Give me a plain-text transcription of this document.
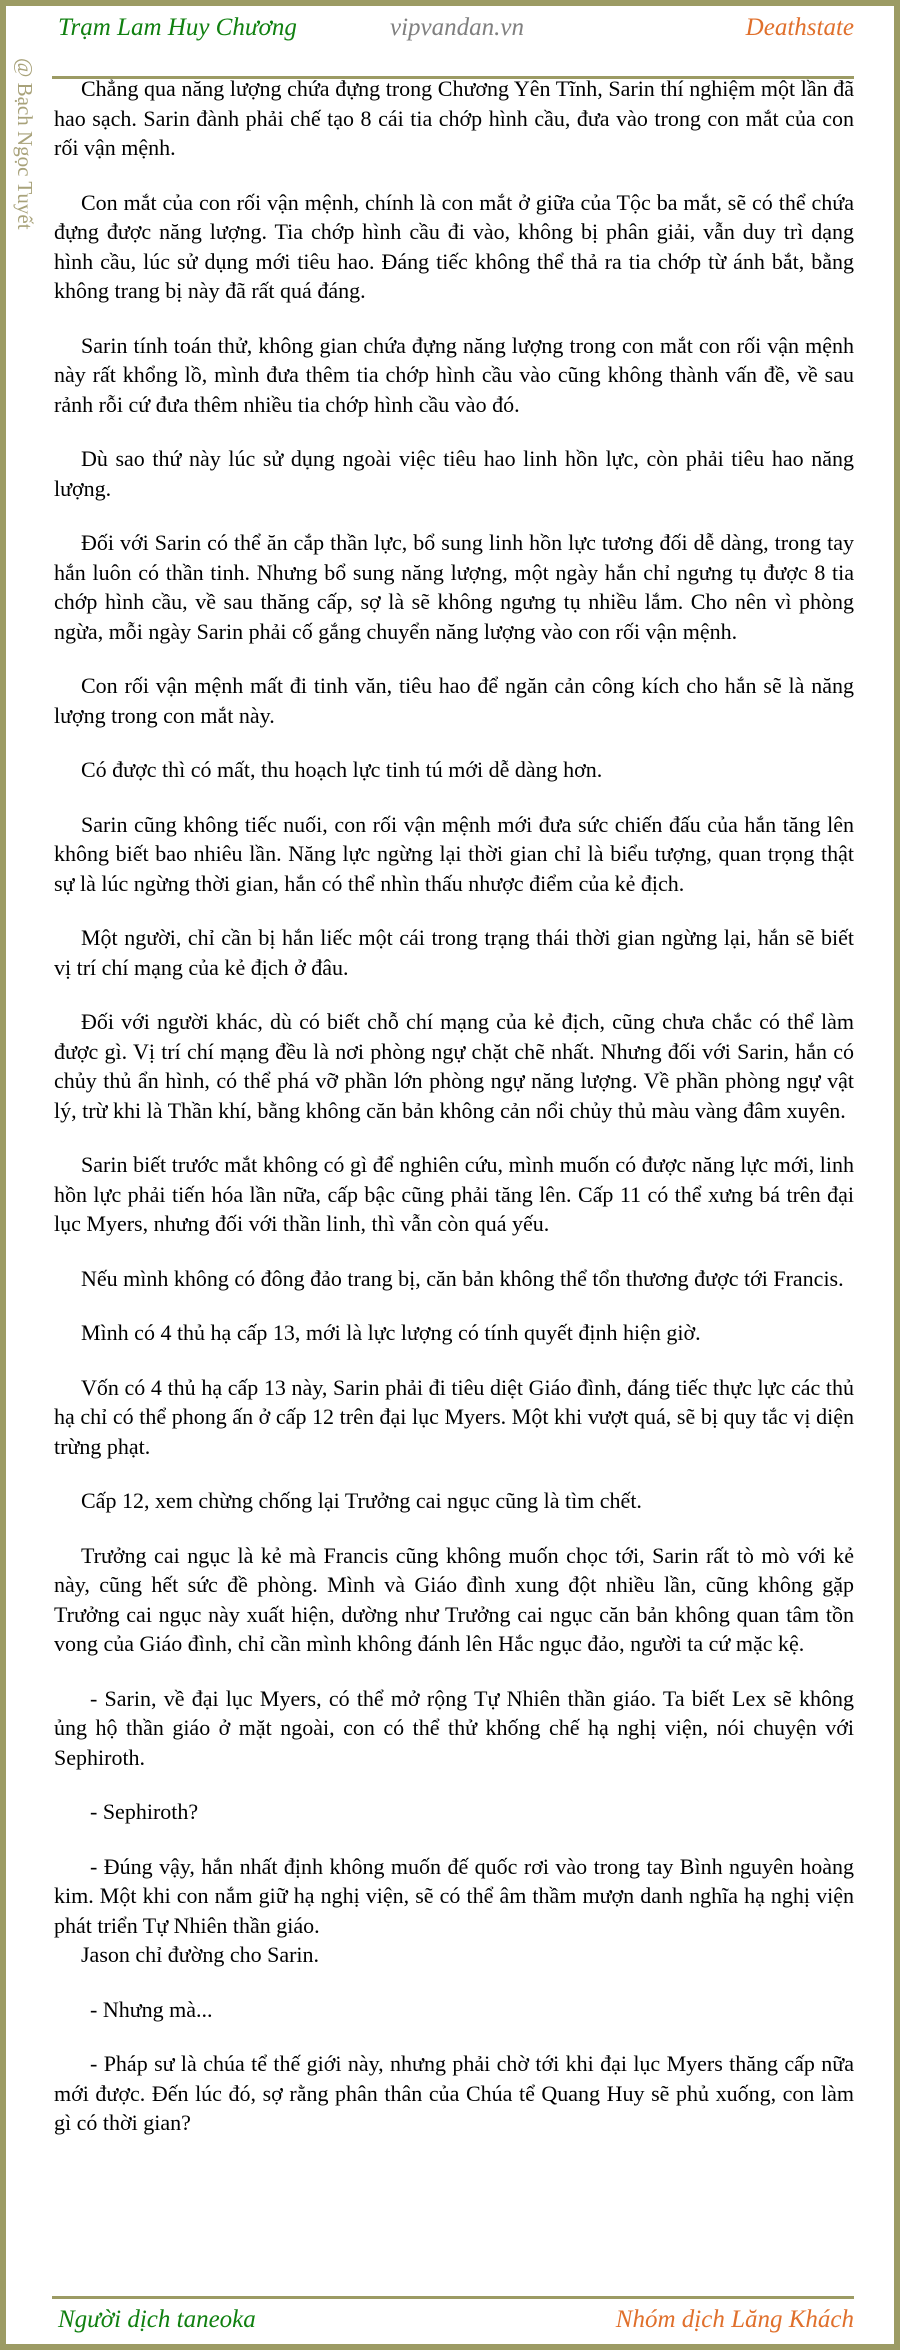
Trạm Lam Huy Chương	vipvandan.vn	Deathstate
@ Bạch Ngọc Tuyết	Chẳng qua năng lượng chứa đựng trong Chương Yên Tĩnh, Sarin thí nghiệm một lần đã hao sạch. Sarin đành phải chế tạo 8 cái tia chớp hình cầu, đưa vào trong con mắt của con rối vận mệnh.

Con mắt của con rối vận mệnh, chính là con mắt ở giữa của Tộc ba mắt, sẽ có thể chứa đựng được năng lượng. Tia chớp hình cầu đi vào, không bị phân giải, vẫn duy trì dạng hình cầu, lúc sử dụng mới tiêu hao. Đáng tiếc không thể thả ra tia chớp từ ánh bắt, bằng không trang bị này đã rất quá đáng.

Sarin tính toán thử, không gian chứa đựng năng lượng trong con mắt con rối vận mệnh này rất khổng lồ, mình đưa thêm tia chớp hình cầu vào cũng không thành vấn đề, về sau rảnh rỗi cứ đưa thêm nhiều tia chớp hình cầu vào đó.

Dù sao thứ này lúc sử dụng ngoài việc tiêu hao linh hồn lực, còn phải tiêu hao năng lượng.

Đối với Sarin có thể ăn cắp thần lực, bổ sung linh hồn lực tương đối dễ dàng, trong tay hắn luôn có thần tinh. Nhưng bổ sung năng lượng, một ngày hắn chỉ ngưng tụ được 8 tia chớp hình cầu, về sau thăng cấp, sợ là sẽ không ngưng tụ nhiều lắm. Cho nên vì phòng ngừa, mỗi ngày Sarin phải cố gắng chuyển năng lượng vào con rối vận mệnh.

Con rối vận mệnh mất đi tinh văn, tiêu hao để ngăn cản công kích cho hắn sẽ là năng lượng trong con mắt này.

Có được thì có mất, thu hoạch lực tinh tú mới dễ dàng hơn.

Sarin cũng không tiếc nuối, con rối vận mệnh mới đưa sức chiến đấu của hắn tăng lên không biết bao nhiêu lần. Năng lực ngừng lại thời gian chỉ là biểu tượng, quan trọng thật sự là lúc ngừng thời gian, hắn có thể nhìn thấu nhược điểm của kẻ địch.

Một người, chỉ cần bị hắn liếc một cái trong trạng thái thời gian ngừng lại, hắn sẽ biết vị trí chí mạng của kẻ địch ở đâu.

Đối với người khác, dù có biết chỗ chí mạng của kẻ địch, cũng chưa chắc có thể làm được gì. Vị trí chí mạng đều là nơi phòng ngự chặt chẽ nhất. Nhưng đối với Sarin, hắn có chủy thủ ẩn hình, có thể phá vỡ phần lớn phòng ngự năng lượng. Về phần phòng ngự vật lý, trừ khi là Thần khí, bằng không căn bản không cản nổi chủy thủ màu vàng đâm xuyên.

Sarin biết trước mắt không có gì để nghiên cứu, mình muốn có được năng lực mới, linh hồn lực phải tiến hóa lần nữa, cấp bậc cũng phải tăng lên. Cấp 11 có thể xưng bá trên đại lục Myers, nhưng đối với thần linh, thì vẫn còn quá yếu.

Nếu mình không có đông đảo trang bị, căn bản không thể tổn thương được tới Francis.

Mình có 4 thủ hạ cấp 13, mới là lực lượng có tính quyết định hiện giờ.

Vốn có 4 thủ hạ cấp 13 này, Sarin phải đi tiêu diệt Giáo đình, đáng tiếc thực lực các thủ hạ chỉ có thể phong ấn ở cấp 12 trên đại lục Myers. Một khi vượt quá, sẽ bị quy tắc vị diện trừng phạt.

Cấp 12, xem chừng chống lại Trưởng cai ngục cũng là tìm chết.

Trưởng cai ngục là kẻ mà Francis cũng không muốn chọc tới, Sarin rất tò mò với kẻ này, cũng hết sức đề phòng. Mình và Giáo đình xung đột nhiều lần, cũng không gặp Trưởng cai ngục này xuất hiện, dường như Trưởng cai ngục căn bản không quan tâm tồn vong của Giáo đình, chỉ cần mình không đánh lên Hắc ngục đảo, người ta cứ mặc kệ.

- Sarin, về đại lục Myers, có thể mở rộng Tự Nhiên thần giáo. Ta biết Lex sẽ không ủng hộ thần giáo ở mặt ngoài, con có thể thử khống chế hạ nghị viện, nói chuyện với Sephiroth.

- Sephiroth?

- Đúng vậy, hắn nhất định không muốn đế quốc rơi vào trong tay Bình nguyên hoàng kim. Một khi con nắm giữ hạ nghị viện, sẽ có thể âm thầm mượn danh nghĩa hạ nghị viện phát triển Tự Nhiên thần giáo.
Jason chỉ đường cho Sarin.

- Nhưng mà...

- Pháp sư là chúa tể thế giới này, nhưng phải chờ tới khi đại lục Myers thăng cấp nữa mới được. Đến lúc đó, sợ rằng phân thân của Chúa tể Quang Huy sẽ phủ xuống, con làm gì có thời gian?

Người dịch taneoka	Nhóm dịch Lăng Khách
